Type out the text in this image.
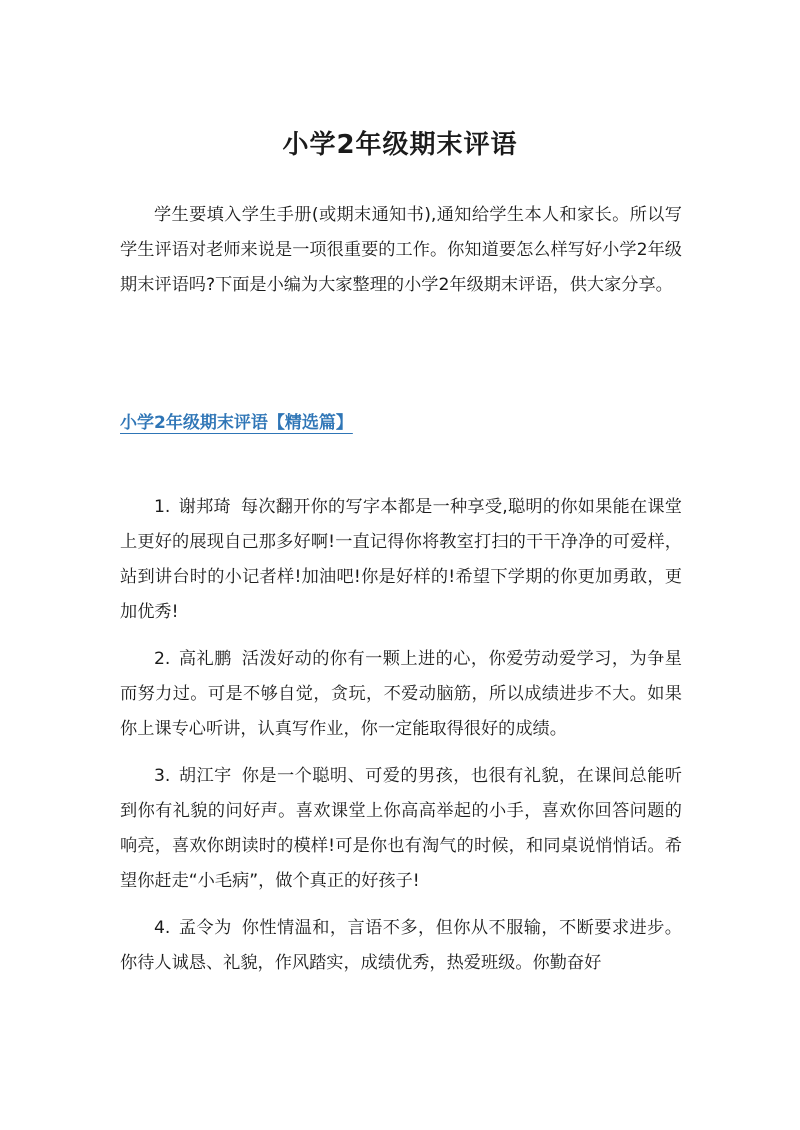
小学2年级期末评语

学生要填入学生手册(或期末通知书),通知给学生本人和家长。所以写学生评语对老师来说是一项很重要的工作。你知道要怎么样写好小学2年级期末评语吗?下面是小编为大家整理的小学2年级期末评语，供大家分享。

小学2年级期末评语【精选篇】

1. 谢邦琦 每次翻开你的写字本都是一种享受,聪明的你如果能在课堂上更好的展现自己那多好啊!一直记得你将教室打扫的干干净净的可爱样，站到讲台时的小记者样!加油吧!你是好样的!希望下学期的你更加勇敢，更加优秀!

2. 高礼鹏 活泼好动的你有一颗上进的心，你爱劳动爱学习，为争星而努力过。可是不够自觉，贪玩，不爱动脑筋，所以成绩进步不大。如果你上课专心听讲，认真写作业，你一定能取得很好的成绩。

3. 胡江宇 你是一个聪明、可爱的男孩，也很有礼貌，在课间总能听到你有礼貌的问好声。喜欢课堂上你高高举起的小手，喜欢你回答问题的响亮，喜欢你朗读时的模样!可是你也有淘气的时候，和同桌说悄悄话。希望你赶走“小毛病”，做个真正的好孩子!

4. 孟令为 你性情温和，言语不多，但你从不服输，不断要求进步。你待人诚恳、礼貌，作风踏实，成绩优秀，热爱班级。你勤奋好
